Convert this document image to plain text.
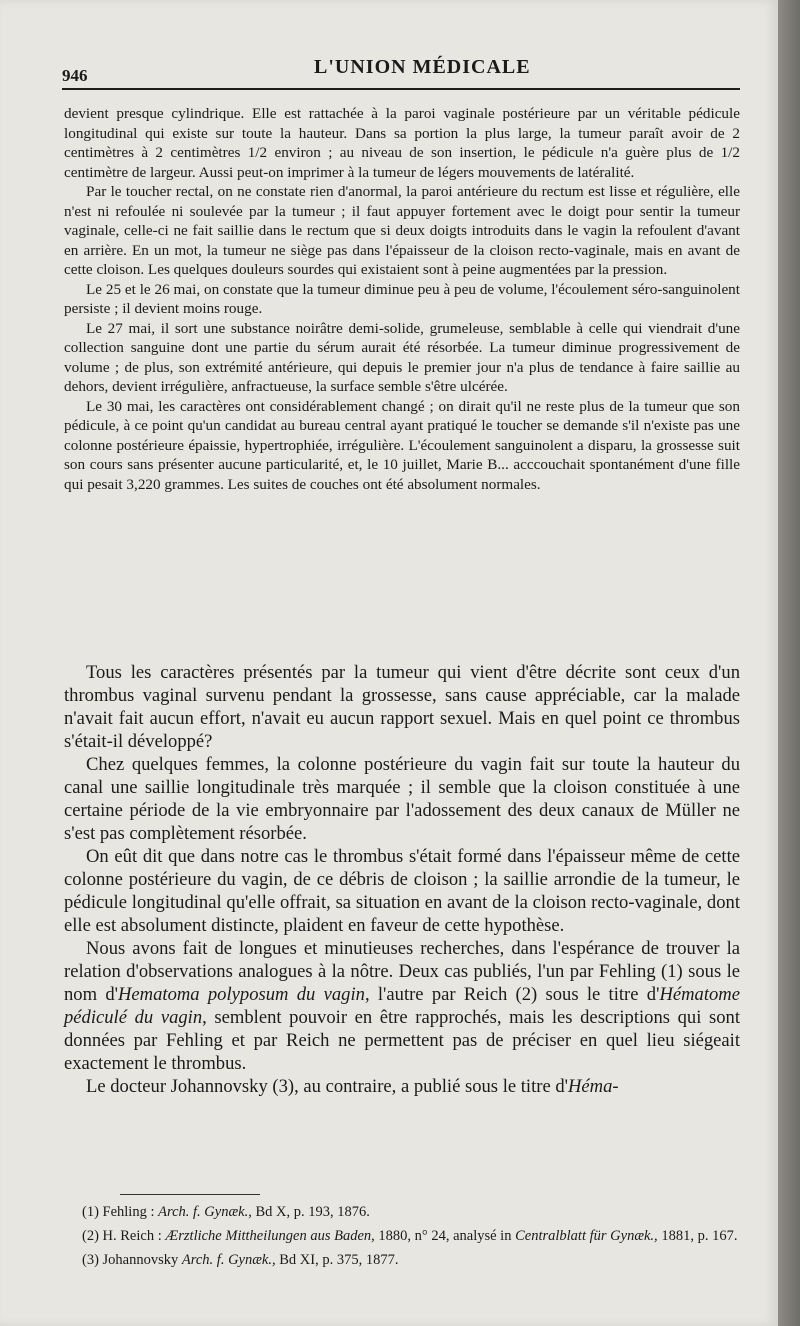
946	L'UNION MÉDICALE

devient presque cylindrique. Elle est rattachée à la paroi vaginale postérieure par un véritable pédicule longitudinal qui existe sur toute la hauteur. Dans sa portion la plus large, la tumeur paraît avoir de 2 centimètres à 2 centimètres 1/2 environ ; au niveau de son insertion, le pédicule n'a guère plus de 1/2 centimètre de largeur. Aussi peut-on imprimer à la tumeur de légers mouvements de latéralité.

Par le toucher rectal, on ne constate rien d'anormal, la paroi antérieure du rectum est lisse et régulière, elle n'est ni refoulée ni soulevée par la tumeur ; il faut appuyer fortement avec le doigt pour sentir la tumeur vaginale, celle-ci ne fait saillie dans le rectum que si deux doigts introduits dans le vagin la refoulent d'avant en arrière. En un mot, la tumeur ne siège pas dans l'épaisseur de la cloison recto-vaginale, mais en avant de cette cloison. Les quelques douleurs sourdes qui existaient sont à peine augmentées par la pression.

Le 25 et le 26 mai, on constate que la tumeur diminue peu à peu de volume, l'écoulement séro-sanguinolent persiste ; il devient moins rouge.

Le 27 mai, il sort une substance noirâtre demi-solide, grumeleuse, semblable à celle qui viendrait d'une collection sanguine dont une partie du sérum aurait été résorbée. La tumeur diminue progressivement de volume ; de plus, son extrémité antérieure, qui depuis le premier jour n'a plus de tendance à faire saillie au dehors, devient irrégulière, anfractueuse, la surface semble s'être ulcérée.

Le 30 mai, les caractères ont considérablement changé ; on dirait qu'il ne reste plus de la tumeur que son pédicule, à ce point qu'un candidat au bureau central ayant pratiqué le toucher se demande s'il n'existe pas une colonne postérieure épaissie, hypertrophiée, irrégulière. L'écoulement sanguinolent a disparu, la grossesse suit son cours sans présenter aucune particularité, et, le 10 juillet, Marie B... acccouchait spontanément d'une fille qui pesait 3,220 grammes. Les suites de couches ont été absolument normales.

Tous les caractères présentés par la tumeur qui vient d'être décrite sont ceux d'un thrombus vaginal survenu pendant la grossesse, sans cause appréciable, car la malade n'avait fait aucun effort, n'avait eu aucun rapport sexuel. Mais en quel point ce thrombus s'était-il développé?

Chez quelques femmes, la colonne postérieure du vagin fait sur toute la hauteur du canal une saillie longitudinale très marquée ; il semble que la cloison constituée à une certaine période de la vie embryonnaire par l'adossement des deux canaux de Müller ne s'est pas complètement résorbée.

On eût dit que dans notre cas le thrombus s'était formé dans l'épaisseur même de cette colonne postérieure du vagin, de ce débris de cloison ; la saillie arrondie de la tumeur, le pédicule longitudinal qu'elle offrait, sa situation en avant de la cloison recto-vaginale, dont elle est absolument distincte, plaident en faveur de cette hypothèse.

Nous avons fait de longues et minutieuses recherches, dans l'espérance de trouver la relation d'observations analogues à la nôtre. Deux cas publiés, l'un par Fehling (1) sous le nom d'Hematoma polyposum du vagin, l'autre par Reich (2) sous le titre d'Hématome pédiculé du vagin, semblent pouvoir en être rapprochés, mais les descriptions qui sont données par Fehling et par Reich ne permettent pas de préciser en quel lieu siégeait exactement le thrombus.

Le docteur Johannovsky (3), au contraire, a publié sous le titre d'Héma-

(1) Fehling : Arch. f. Gynæk., Bd X, p. 193, 1876.

(2) H. Reich : Ærztliche Mittheilungen aus Baden, 1880, n° 24, analysé in Centralblatt für Gynæk., 1881, p. 167.

(3) Johannovsky Arch. f. Gynæk., Bd XI, p. 375, 1877.
